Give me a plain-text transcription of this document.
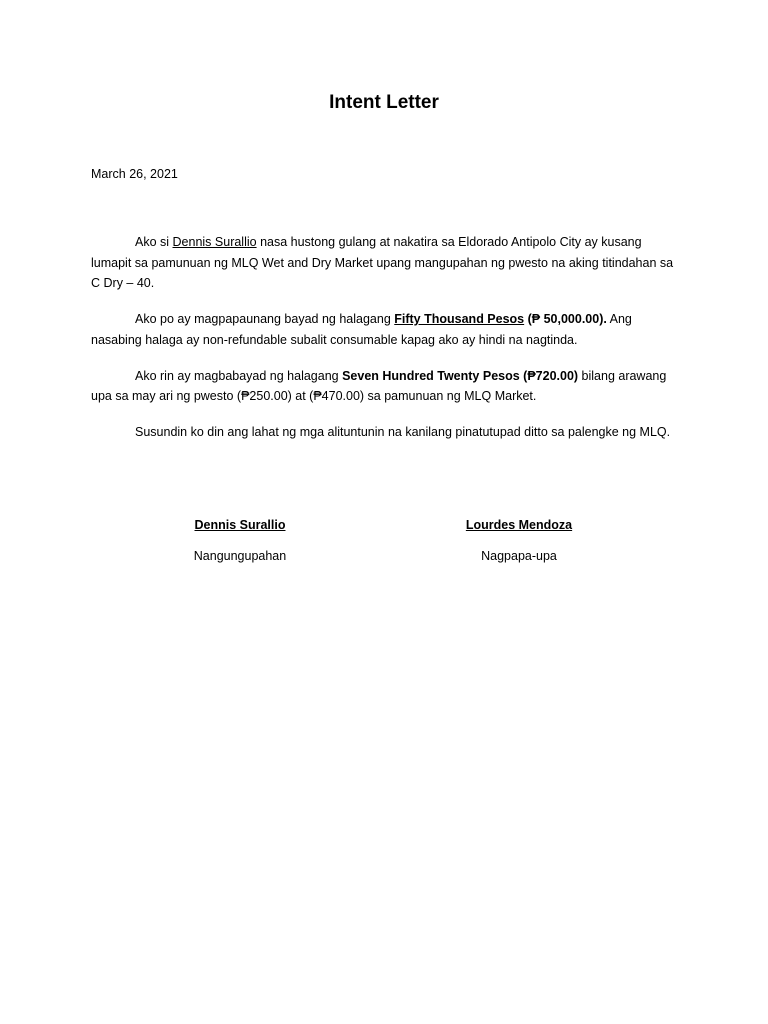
Intent Letter
March 26, 2021

Ako si Dennis Surallio nasa hustong gulang at nakatira sa Eldorado Antipolo City ay kusang lumapit sa pamunuan ng MLQ Wet and Dry Market upang mangupahan ng pwesto na aking titindahan sa C Dry – 40.

Ako po ay magpapaunang bayad ng halagang Fifty Thousand Pesos (₱ 50,000.00). Ang nasabing halaga ay non-refundable subalit consumable kapag ako ay hindi na nagtinda.

Ako rin ay magbabayad ng halagang Seven Hundred Twenty Pesos (₱720.00) bilang arawang upa sa may ari ng pwesto (₱250.00) at (₱470.00) sa pamunuan ng MLQ Market.

Susundin ko din ang lahat ng mga alituntunin na kanilang pinatutupad ditto sa palengke ng MLQ.

Dennis Surallio
Nangungupahan
Lourdes Mendoza
Nagpapa-upa
